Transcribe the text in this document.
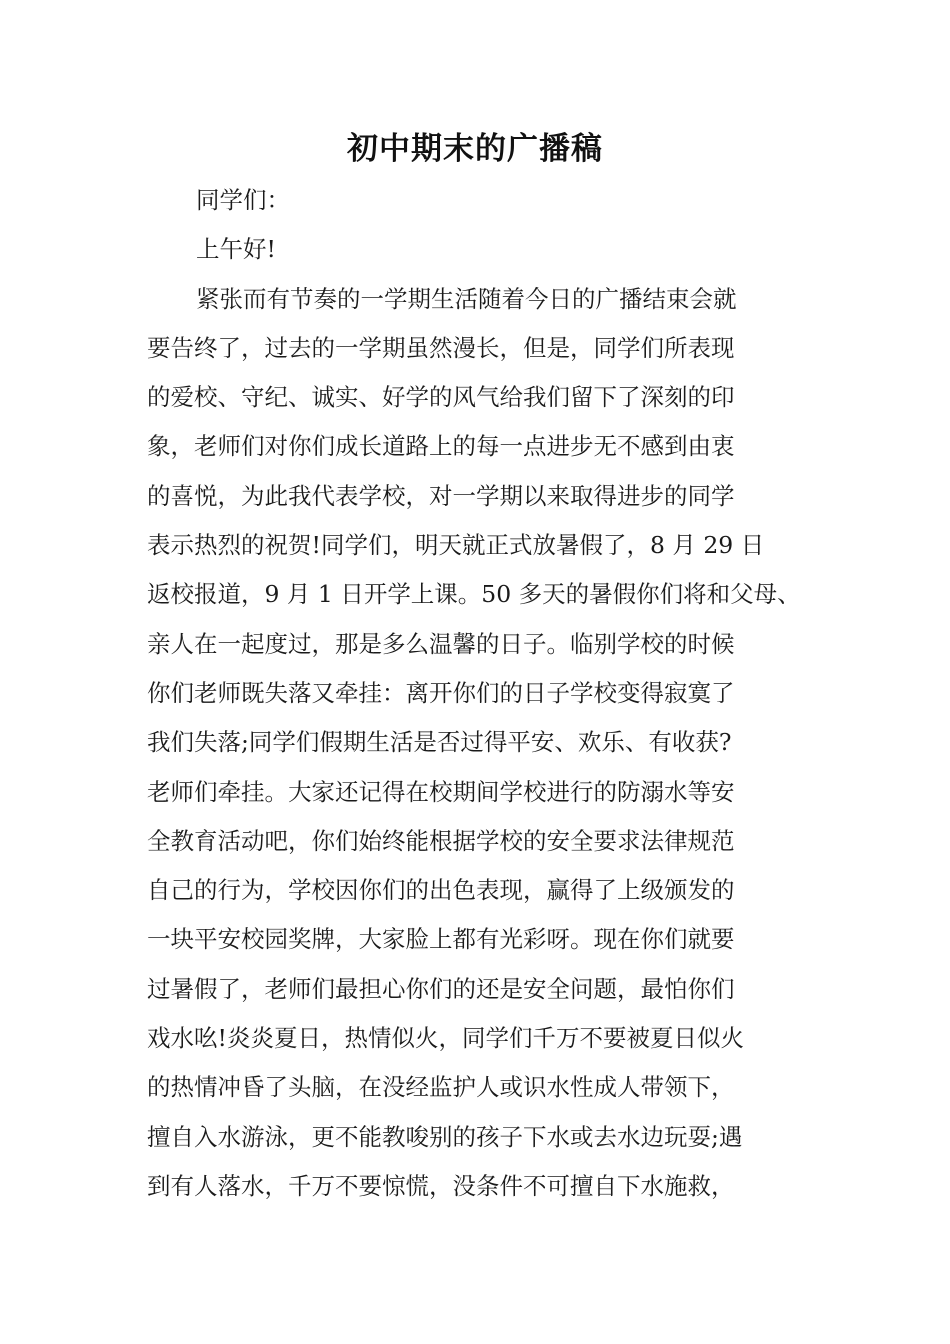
初中期末的广播稿
同学们：
上午好!
紧张而有节奏的一学期生活随着今日的广播结束会就
要告终了，过去的一学期虽然漫长，但是，同学们所表现
的爱校、守纪、诚实、好学的风气给我们留下了深刻的印
象，老师们对你们成长道路上的每一点进步无不感到由衷
的喜悦，为此我代表学校，对一学期以来取得进步的同学
表示热烈的祝贺!同学们，明天就正式放暑假了，8 月 29 日
返校报道，9 月 1 日开学上课。50 多天的暑假你们将和父母、
亲人在一起度过，那是多么温馨的日子。临别学校的时候
你们老师既失落又牵挂：离开你们的日子学校变得寂寞了
我们失落;同学们假期生活是否过得平安、欢乐、有收获?
老师们牵挂。大家还记得在校期间学校进行的防溺水等安
全教育活动吧，你们始终能根据学校的安全要求法律规范
自己的行为，学校因你们的出色表现，赢得了上级颁发的
一块平安校园奖牌，大家脸上都有光彩呀。现在你们就要
过暑假了，老师们最担心你们的还是安全问题，最怕你们
戏水吆!炎炎夏日，热情似火，同学们千万不要被夏日似火
的热情冲昏了头脑，在没经监护人或识水性成人带领下，
擅自入水游泳，更不能教唆别的孩子下水或去水边玩耍;遇
到有人落水，千万不要惊慌，没条件不可擅自下水施救，
